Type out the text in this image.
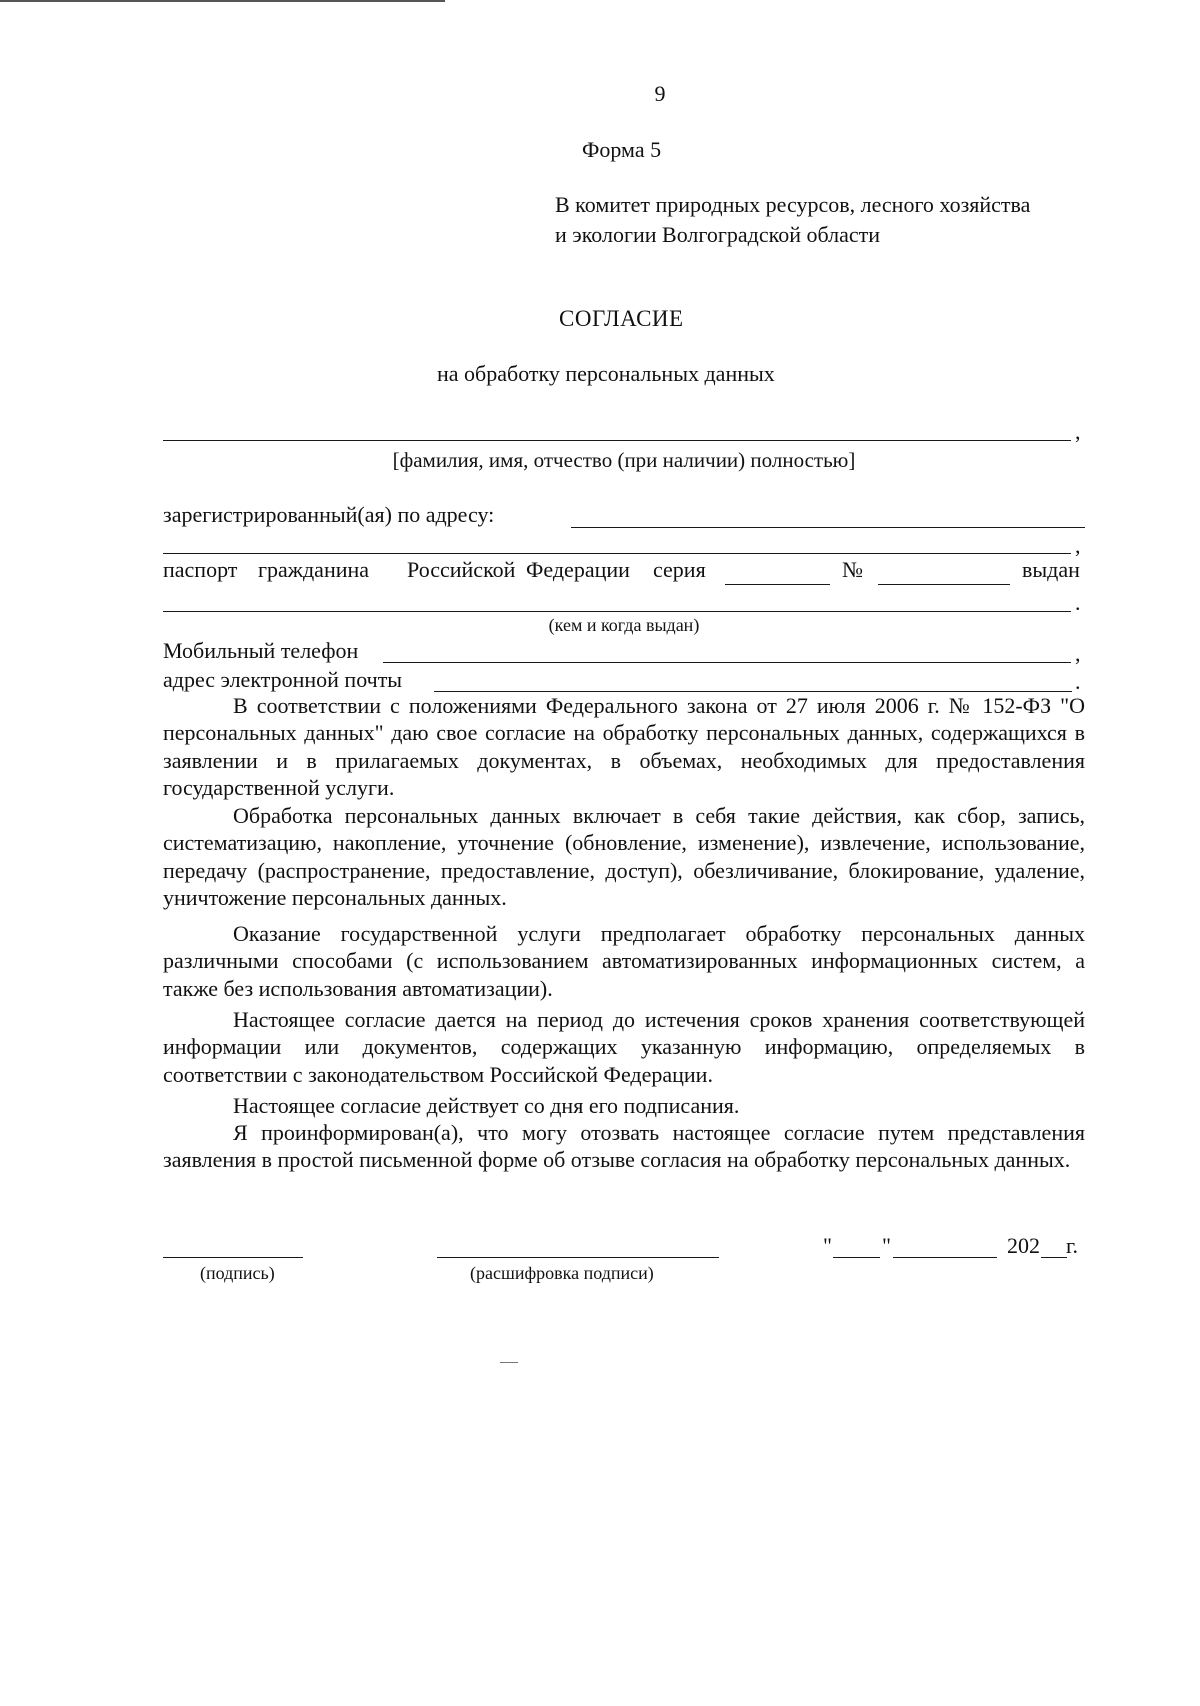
9

Форма 5

В комитет природных ресурсов, лесного хозяйства

и экологии Волгоградской области

СОГЛАСИЕ

на обработку персональных данных

,

[фамилия, имя, отчество (при наличии) полностью]

зарегистрированный(ая) по адресу:

,

паспорт гражданина Российской Федерации серия	№	выдан

.

(кем и когда выдан)

Мобильный телефон	,

адрес электронной почты	.

В соответствии с положениями Федерального закона от 27 июля 2006 г. № 152-ФЗ "О персональных данных" даю свое согласие на обработку персональных данных, содержащихся в заявлении и в прилагаемых документах, в объемах, необходимых для предоставления государственной услуги.

Обработка персональных данных включает в себя такие действия, как сбор, запись, систематизацию, накопление, уточнение (обновление, изменение), извлечение, использование, передачу (распространение, предоставление, доступ), обезличивание, блокирование, удаление, уничтожение персональных данных.

Оказание государственной услуги предполагает обработку персональных данных различными способами (с использованием автоматизированных информационных систем, а также без использования автоматизации).

Настоящее согласие дается на период до истечения сроков хранения соответствующей информации или документов, содержащих указанную информацию, определяемых в соответствии с законодательством Российской Федерации.

Настоящее согласие действует со дня его подписания.

Я проинформирован(а), что могу отозвать настоящее согласие путем представления заявления в простой письменной форме об отзыве согласия на обработку персональных данных.

(подпись)	(расшифровка подписи)

" "	202 г.
